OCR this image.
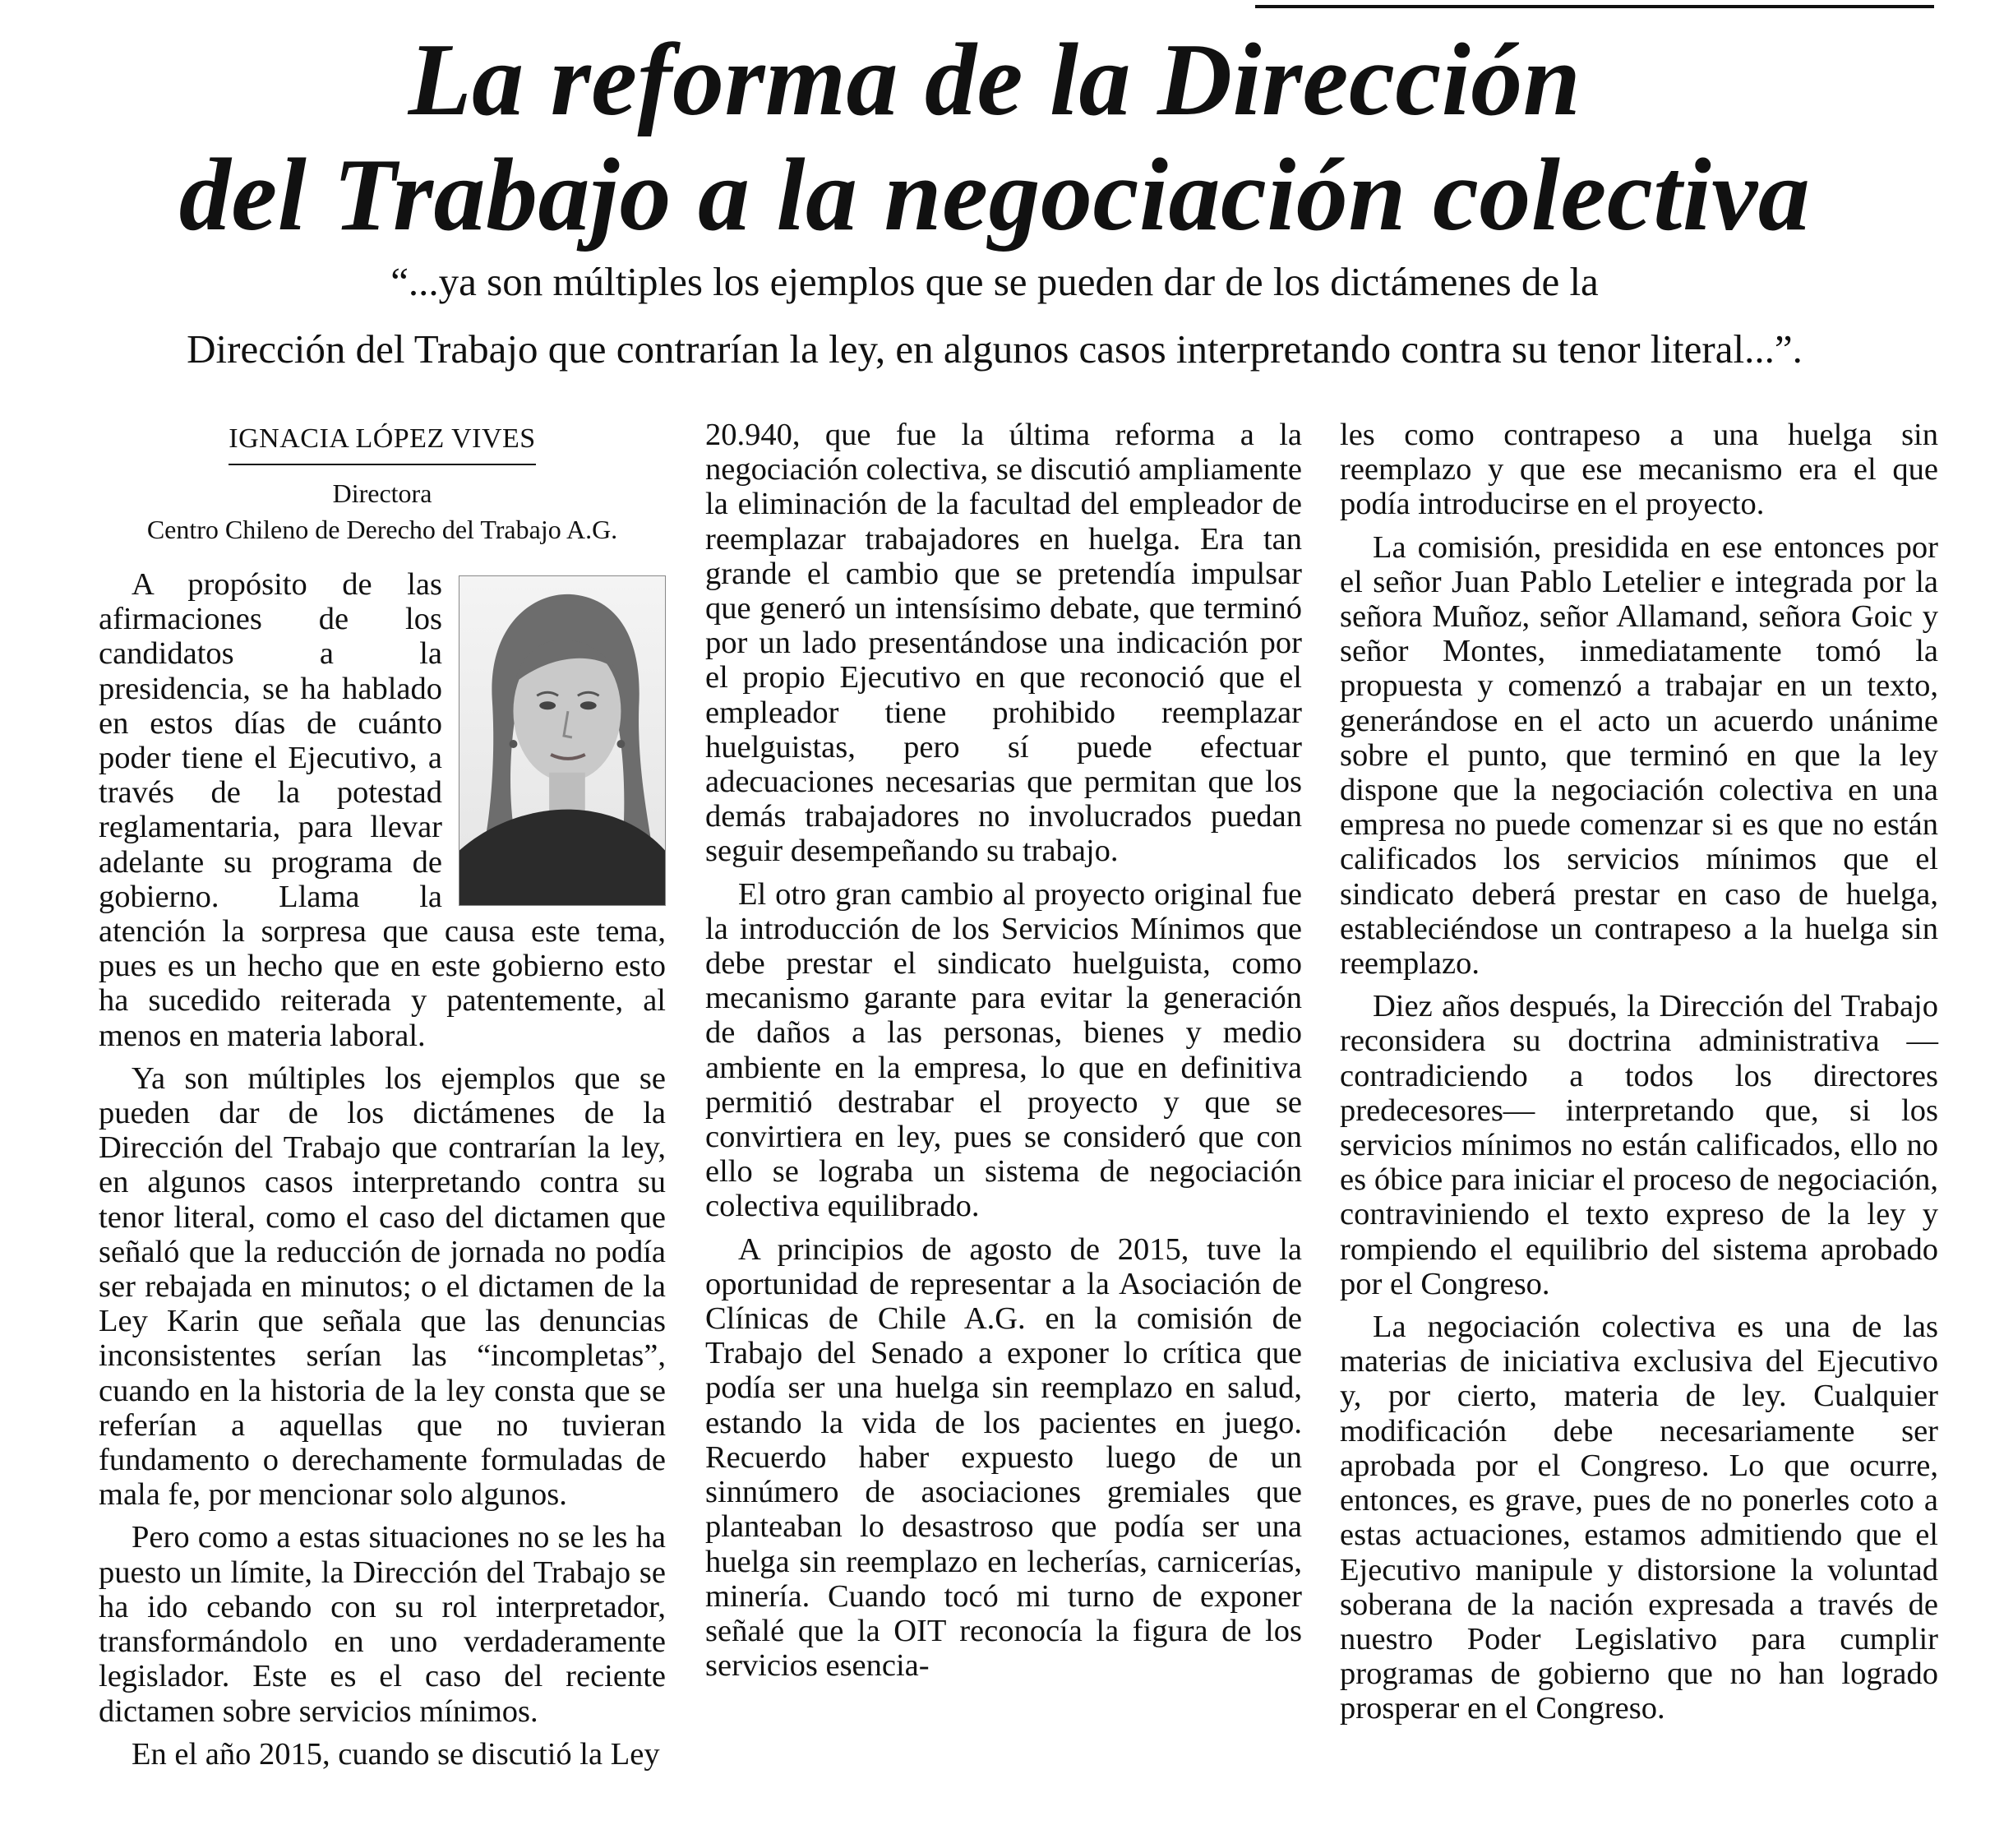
La reforma de la Dirección
del Trabajo a la negociación colectiva
“...ya son múltiples los ejemplos que se pueden dar de los dictámenes de la
Dirección del Trabajo que contrarían la ley, en algunos casos interpretando contra su tenor literal...”.
IGNACIA LÓPEZ VIVES
Directora
Centro Chileno de Derecho del Trabajo A.G.

A propósito de las afirmaciones de los candidatos a la presidencia, se ha hablado en estos días de cuánto poder tiene el Ejecutivo, a través de la potestad reglamentaria, para llevar adelante su programa de gobierno. Llama la atención la sorpresa que causa este tema, pues es un hecho que en este gobierno esto ha sucedido reiterada y patentemente, al menos en materia laboral.

Ya son múltiples los ejemplos que se pueden dar de los dictámenes de la Dirección del Trabajo que contrarían la ley, en algunos casos interpretando contra su tenor literal, como el caso del dictamen que señaló que la reducción de jornada no podía ser rebajada en minutos; o el dictamen de la Ley Karin que señala que las denuncias inconsistentes serían las “incompletas”, cuando en la historia de la ley consta que se referían a aquellas que no tuvieran fundamento o derechamente formuladas de mala fe, por mencionar solo algunos.

Pero como a estas situaciones no se les ha puesto un límite, la Dirección del Trabajo se ha ido cebando con su rol interpretador, transformándolo en uno verdaderamente legislador. Este es el caso del reciente dictamen sobre servicios mínimos.

En el año 2015, cuando se discutió la Ley

20.940, que fue la última reforma a la negociación colectiva, se discutió ampliamente la eliminación de la facultad del empleador de reemplazar trabajadores en huelga. Era tan grande el cambio que se pretendía impulsar que generó un intensísimo debate, que terminó por un lado presentándose una indicación por el propio Ejecutivo en que reconoció que el empleador tiene prohibido reemplazar huelguistas, pero sí puede efectuar adecuaciones necesarias que permitan que los demás trabajadores no involucrados puedan seguir desempeñando su trabajo.

El otro gran cambio al proyecto original fue la introducción de los Servicios Mínimos que debe prestar el sindicato huelguista, como mecanismo garante para evitar la generación de daños a las personas, bienes y medio ambiente en la empresa, lo que en definitiva permitió destrabar el proyecto y que se convirtiera en ley, pues se consideró que con ello se lograba un sistema de negociación colectiva equilibrado.

A principios de agosto de 2015, tuve la oportunidad de representar a la Asociación de Clínicas de Chile A.G. en la comisión de Trabajo del Senado a exponer lo crítica que podía ser una huelga sin reemplazo en salud, estando la vida de los pacientes en juego. Recuerdo haber expuesto luego de un sinnúmero de asociaciones gremiales que planteaban lo desastroso que podía ser una huelga sin reemplazo en lecherías, carnicerías, minería. Cuando tocó mi turno de exponer señalé que la OIT reconocía la figura de los servicios esencia-

les como contrapeso a una huelga sin reemplazo y que ese mecanismo era el que podía introducirse en el proyecto.

La comisión, presidida en ese entonces por el señor Juan Pablo Letelier e integrada por la señora Muñoz, señor Allamand, señora Goic y señor Montes, inmediatamente tomó la propuesta y comenzó a trabajar en un texto, generándose en el acto un acuerdo unánime sobre el punto, que terminó en que la ley dispone que la negociación colectiva en una empresa no puede comenzar si es que no están calificados los servicios mínimos que el sindicato deberá prestar en caso de huelga, estableciéndose un contrapeso a la huelga sin reemplazo.

Diez años después, la Dirección del Trabajo reconsidera su doctrina administrativa —contradiciendo a todos los directores predecesores— interpretando que, si los servicios mínimos no están calificados, ello no es óbice para iniciar el proceso de negociación, contraviniendo el texto expreso de la ley y rompiendo el equilibrio del sistema aprobado por el Congreso.

La negociación colectiva es una de las materias de iniciativa exclusiva del Ejecutivo y, por cierto, materia de ley. Cualquier modificación debe necesariamente ser aprobada por el Congreso. Lo que ocurre, entonces, es grave, pues de no ponerles coto a estas actuaciones, estamos admitiendo que el Ejecutivo manipule y distorsione la voluntad soberana de la nación expresada a través de nuestro Poder Legislativo para cumplir programas de gobierno que no han logrado prosperar en el Congreso.
